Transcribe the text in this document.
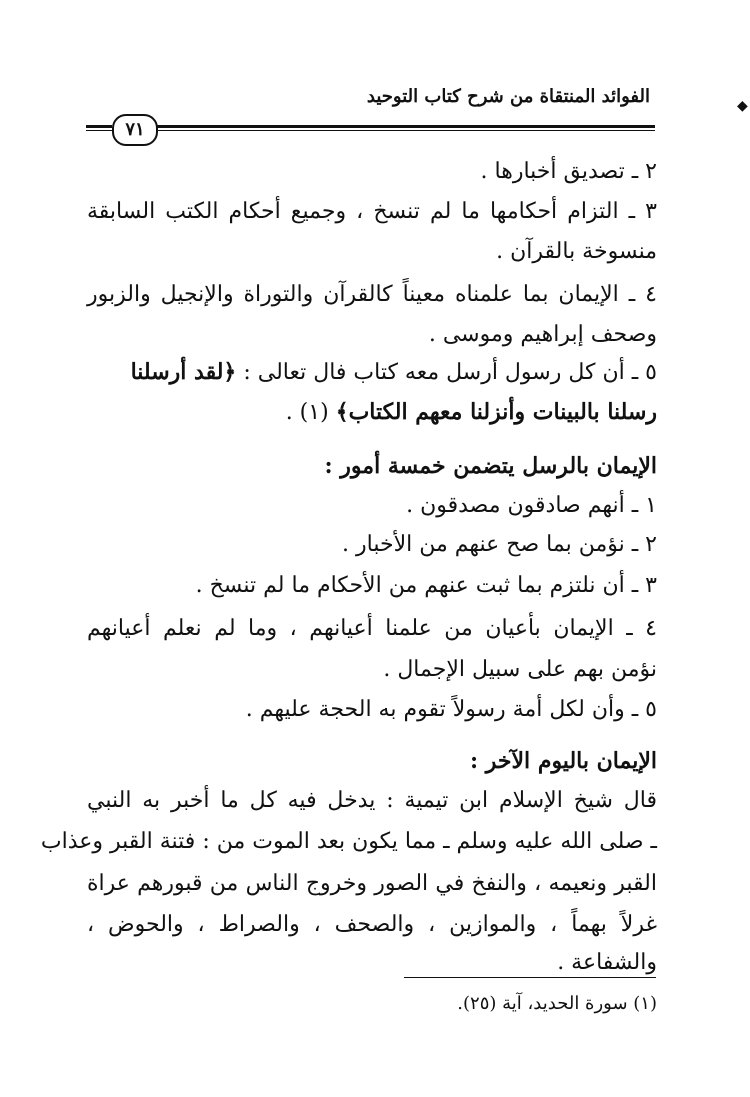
الفوائد المنتقاة من شرح كتاب التوحيد
٧١
◆
٢ ـ تصديق أخبارها .
٣ ـ التزام أحكامها ما لم تنسخ ، وجميع أحكام الكتب السابقة
منسوخة بالقرآن .
٤ ـ الإيمان بما علمناه معيناً كالقرآن والتوراة والإنجيل والزبور
وصحف إبراهيم وموسى .
٥ ـ أن كل رسول أرسل معه كتاب فال تعالى : ﴿لقد أرسلنا
رسلنا بالبينات وأنزلنا معهم الكتاب﴾ (١) .
الإيمان بالرسل يتضمن خمسة أمور :
١ ـ أنهم صادقون مصدقون .
٢ ـ نؤمن بما صح عنهم من الأخبار .
٣ ـ أن نلتزم بما ثبت عنهم من الأحكام ما لم تنسخ .
٤ ـ الإيمان بأعيان من علمنا أعيانهم ، وما لم نعلم أعيانهم
نؤمن بهم على سبيل الإجمال .
٥ ـ وأن لكل أمة رسولاً تقوم به الحجة عليهم .
الإيمان باليوم الآخر :
قال شيخ الإسلام ابن تيمية : يدخل فيه كل ما أخبر به النبي
ـ صلى الله عليه وسلم ـ مما يكون بعد الموت من : فتنة القبر وعذاب
القبر ونعيمه ، والنفخ في الصور وخروج الناس من قبورهم عراة
غرلاً بهماً ، والموازين ، والصحف ، والصراط ، والحوض ،
والشفاعة .
(١) سورة الحديد، آية (٢٥).
